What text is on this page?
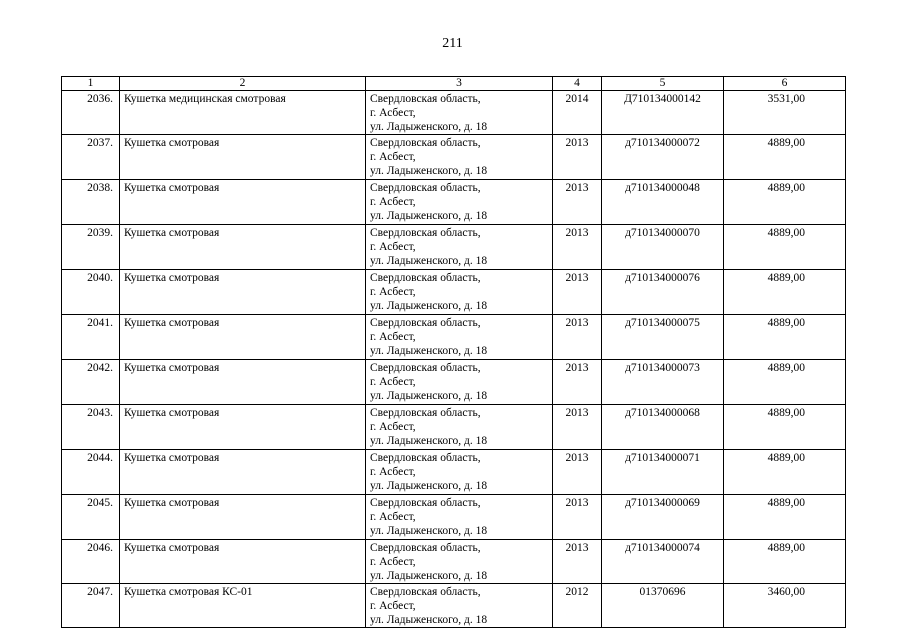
211
1	2	3	4	5	6
2036.	Кушетка медицинская смотровая	Свердловская область,
г. Асбест,
ул. Ладыженского, д. 18	2014	Д710134000142	3531,00
2037.	Кушетка смотровая	Свердловская область,
г. Асбест,
ул. Ладыженского, д. 18	2013	д710134000072	4889,00
2038.	Кушетка смотровая	Свердловская область,
г. Асбест,
ул. Ладыженского, д. 18	2013	д710134000048	4889,00
2039.	Кушетка смотровая	Свердловская область,
г. Асбест,
ул. Ладыженского, д. 18	2013	д710134000070	4889,00
2040.	Кушетка смотровая	Свердловская область,
г. Асбест,
ул. Ладыженского, д. 18	2013	д710134000076	4889,00
2041.	Кушетка смотровая	Свердловская область,
г. Асбест,
ул. Ладыженского, д. 18	2013	д710134000075	4889,00
2042.	Кушетка смотровая	Свердловская область,
г. Асбест,
ул. Ладыженского, д. 18	2013	д710134000073	4889,00
2043.	Кушетка смотровая	Свердловская область,
г. Асбест,
ул. Ладыженского, д. 18	2013	д710134000068	4889,00
2044.	Кушетка смотровая	Свердловская область,
г. Асбест,
ул. Ладыженского, д. 18	2013	д710134000071	4889,00
2045.	Кушетка смотровая	Свердловская область,
г. Асбест,
ул. Ладыженского, д. 18	2013	д710134000069	4889,00
2046.	Кушетка смотровая	Свердловская область,
г. Асбест,
ул. Ладыженского, д. 18	2013	д710134000074	4889,00
2047.	Кушетка смотровая КС-01	Свердловская область,
г. Асбест,
ул. Ладыженского, д. 18	2012	01370696	3460,00
